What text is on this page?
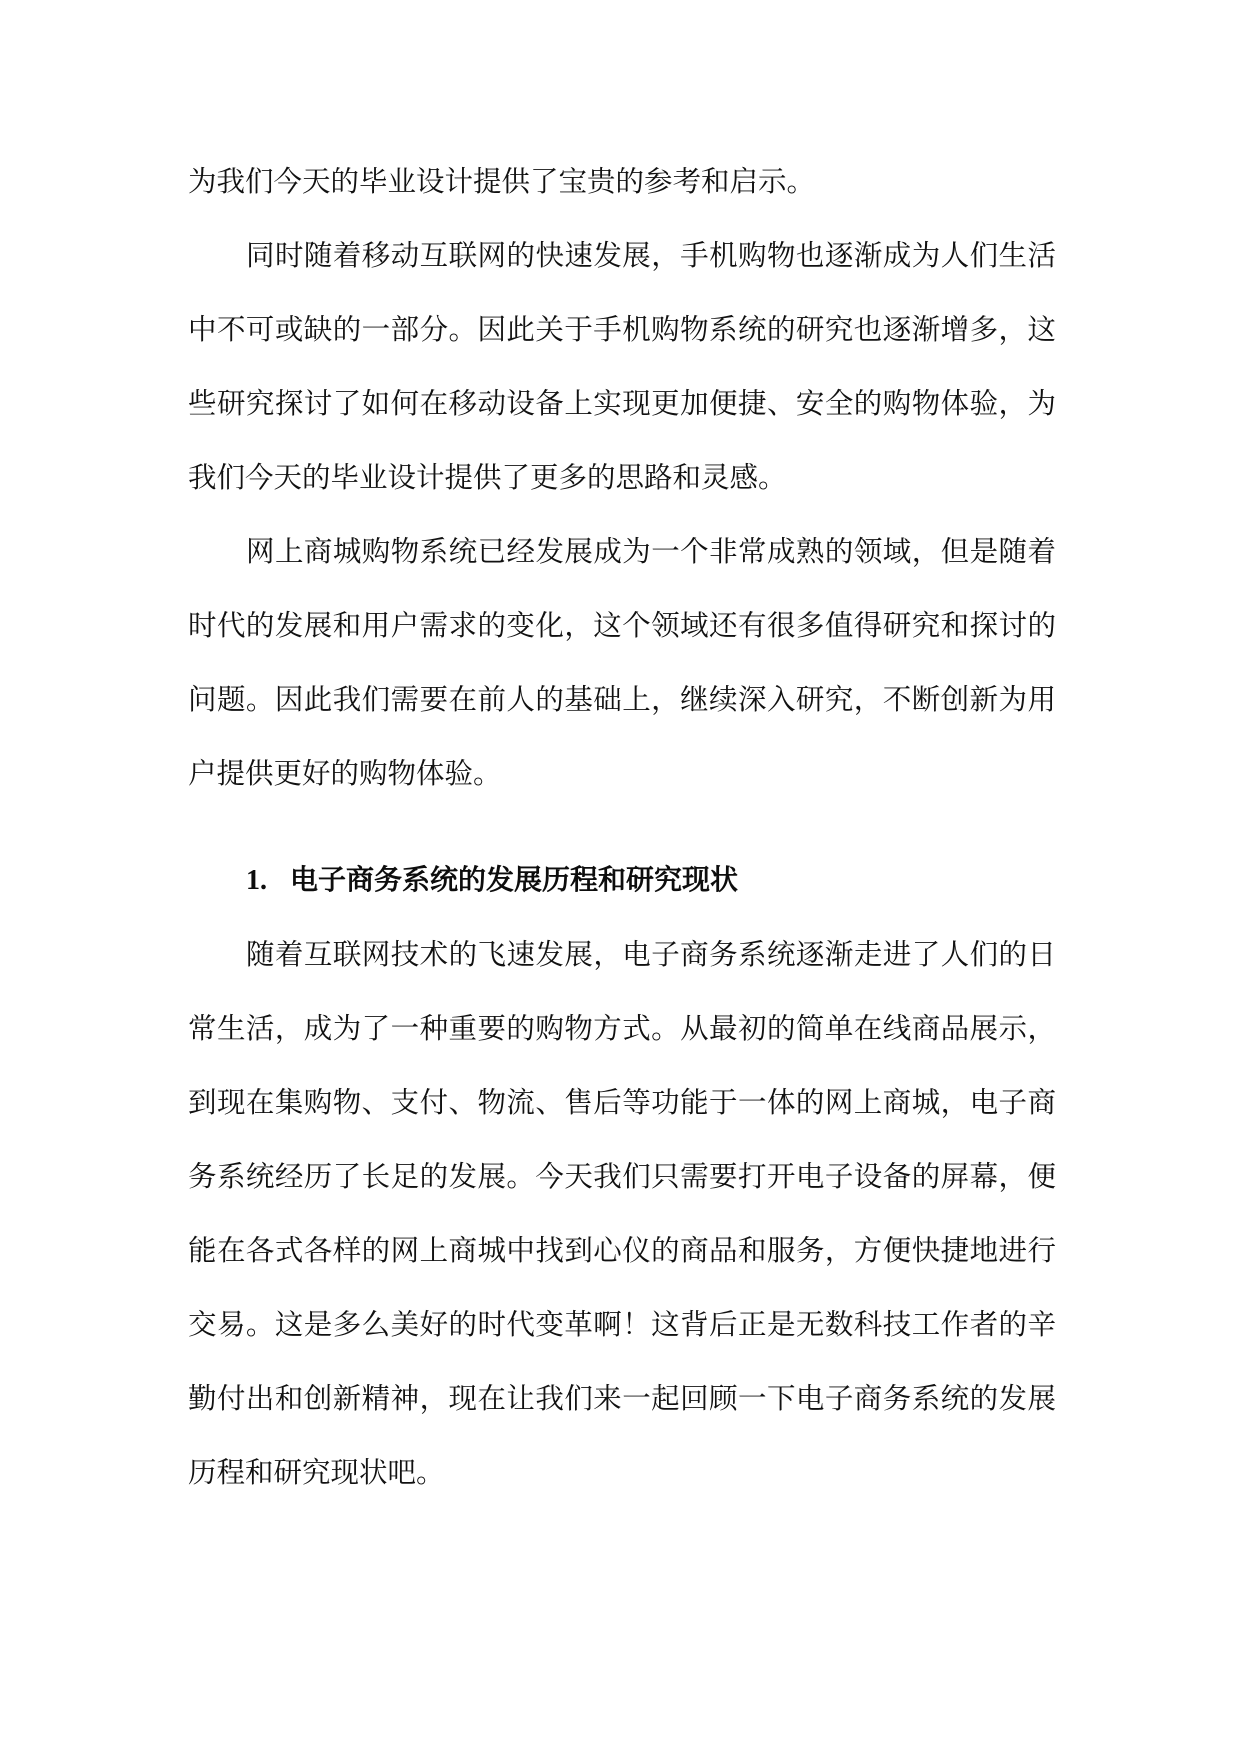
为我们今天的毕业设计提供了宝贵的参考和启示。

同时随着移动互联网的快速发展，手机购物也逐渐成为人们生活中不可或缺的一部分。因此关于手机购物系统的研究也逐渐增多，这些研究探讨了如何在移动设备上实现更加便捷、安全的购物体验，为我们今天的毕业设计提供了更多的思路和灵感。

网上商城购物系统已经发展成为一个非常成熟的领域，但是随着时代的发展和用户需求的变化，这个领域还有很多值得研究和探讨的问题。因此我们需要在前人的基础上，继续深入研究，不断创新为用户提供更好的购物体验。

1. 电子商务系统的发展历程和研究现状

随着互联网技术的飞速发展，电子商务系统逐渐走进了人们的日常生活，成为了一种重要的购物方式。从最初的简单在线商品展示，到现在集购物、支付、物流、售后等功能于一体的网上商城，电子商务系统经历了长足的发展。今天我们只需要打开电子设备的屏幕，便能在各式各样的网上商城中找到心仪的商品和服务，方便快捷地进行交易。这是多么美好的时代变革啊！这背后正是无数科技工作者的辛勤付出和创新精神，现在让我们来一起回顾一下电子商务系统的发展历程和研究现状吧。
